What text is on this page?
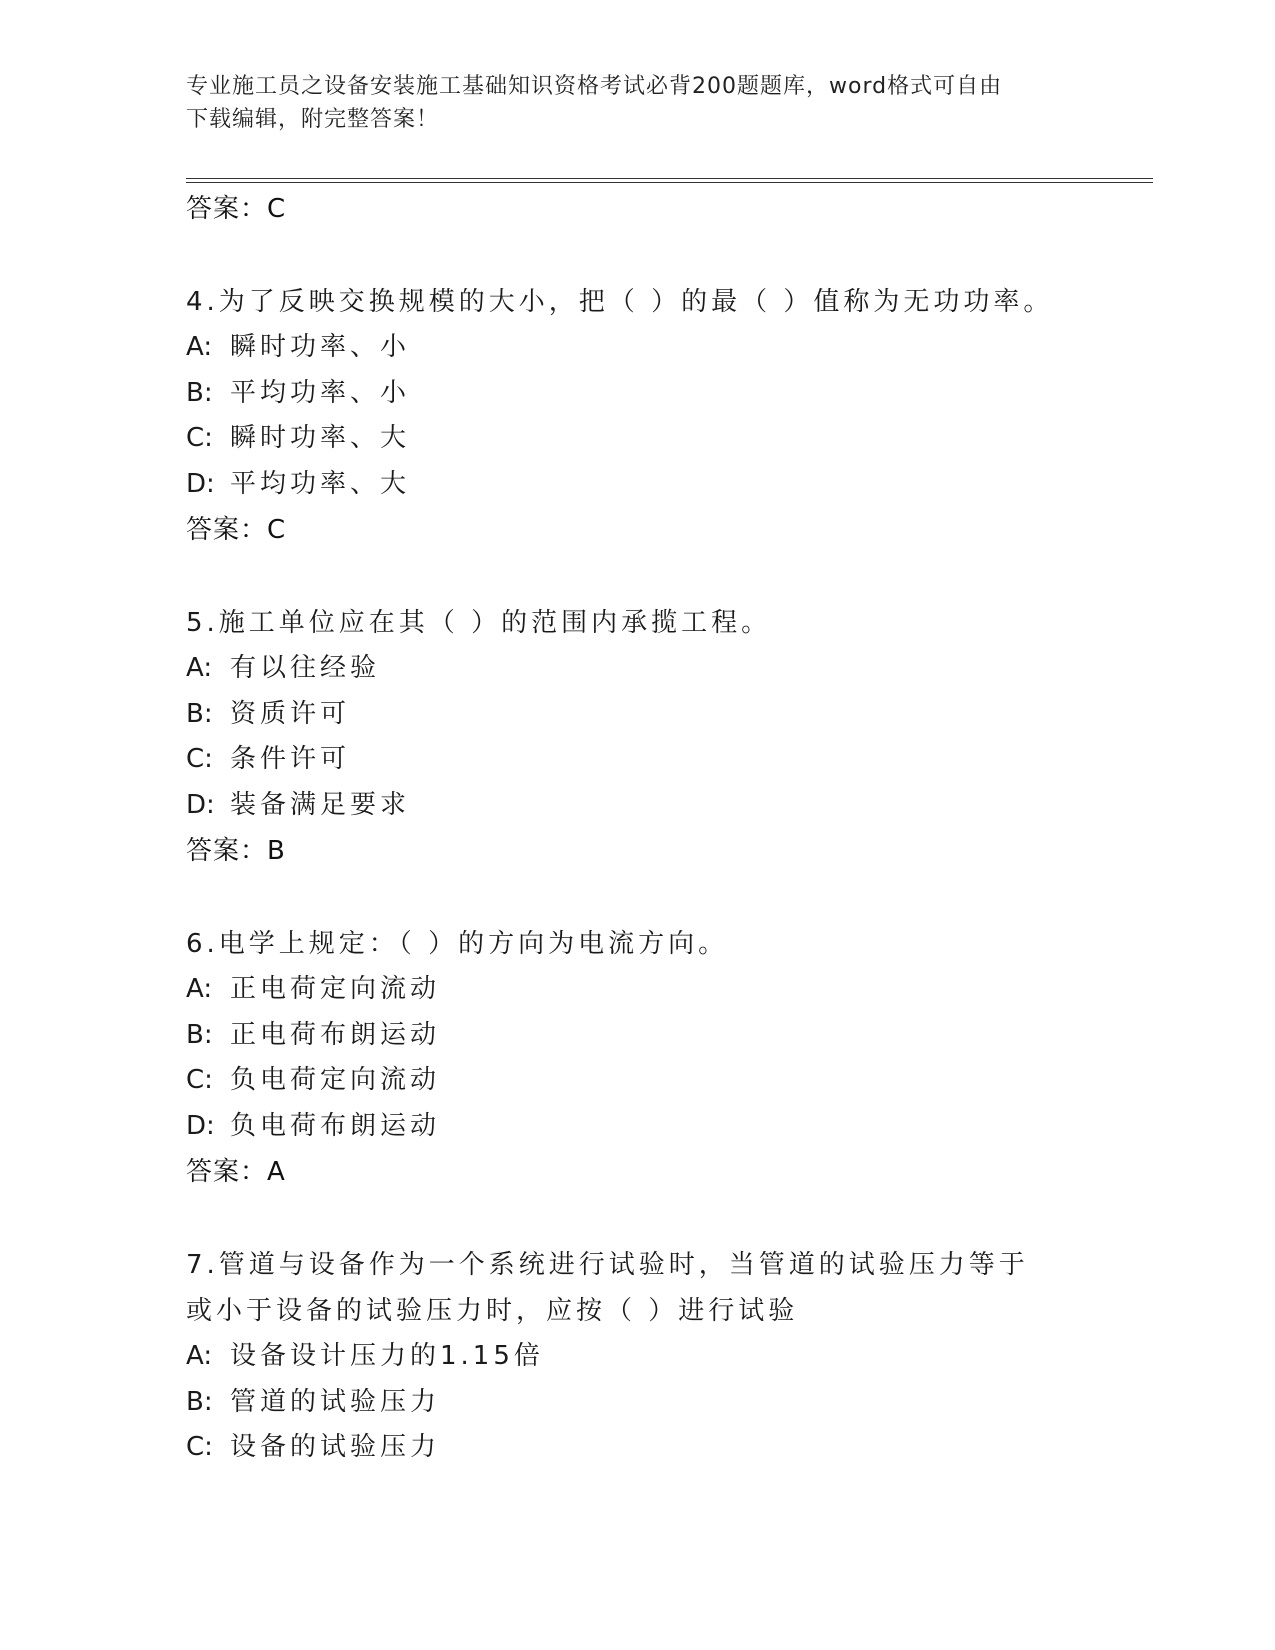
专业施工员之设备安装施工基础知识资格考试必背200题题库，word格式可自由
下载编辑，附完整答案！

答案：C

4.为了反映交换规模的大小，把（ ）的最（ ）值称为无功功率。
A: 瞬时功率、小
B: 平均功率、小
C: 瞬时功率、大
D: 平均功率、大

答案：C

5.施工单位应在其（ ）的范围内承揽工程。
A: 有以往经验
B: 资质许可
C: 条件许可
D: 装备满足要求

答案：B

6.电学上规定：（ ）的方向为电流方向。
A: 正电荷定向流动
B: 正电荷布朗运动
C: 负电荷定向流动
D: 负电荷布朗运动

答案：A

7.管道与设备作为一个系统进行试验时，当管道的试验压力等于或小于设备的试验压力时，应按（ ）进行试验
A: 设备设计压力的1.15倍
B: 管道的试验压力
C: 设备的试验压力
